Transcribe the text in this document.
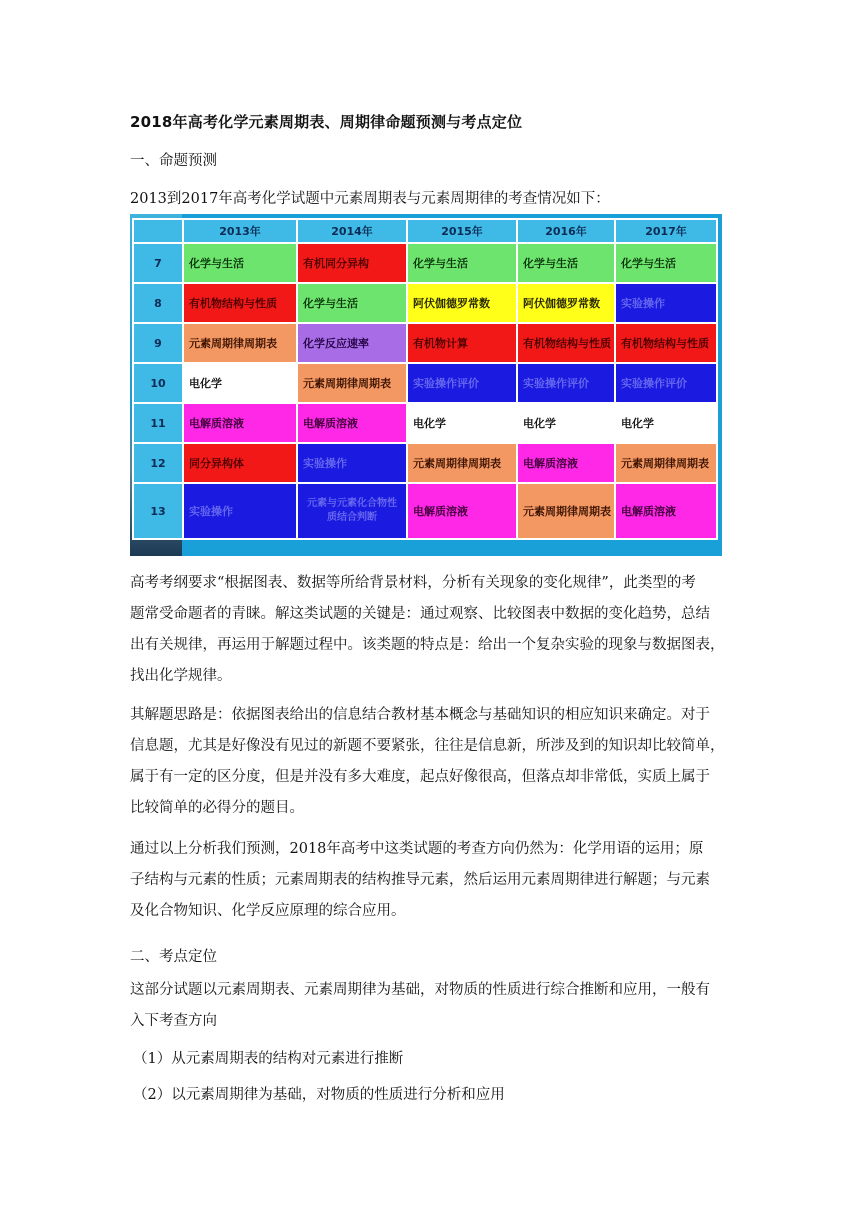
2018年高考化学元素周期表、周期律命题预测与考点定位
一、命题预测
2013到2017年高考化学试题中元素周期表与元素周期律的考查情况如下：
	2013年	2014年	2015年	2016年	2017年
7	化学与生活	有机同分异构	化学与生活	化学与生活	化学与生活
8	有机物结构与性质	化学与生活	阿伏伽德罗常数	阿伏伽德罗常数	实验操作
9	元素周期律周期表	化学反应速率	有机物计算	有机物结构与性质	有机物结构与性质
10	电化学	元素周期律周期表	实验操作评价	实验操作评价	实验操作评价
11	电解质溶液	电解质溶液	电化学	电化学	电化学
12	同分异构体	实验操作	元素周期律周期表	电解质溶液	元素周期律周期表
13	实验操作	元素与元素化合物性质结合判断	电解质溶液	元素周期律周期表	电解质溶液
高考考纲要求“根据图表、数据等所给背景材料，分析有关现象的变化规律”，此类型的考
题常受命题者的青睐。解这类试题的关键是：通过观察、比较图表中数据的变化趋势，总结
出有关规律，再运用于解题过程中。该类题的特点是：给出一个复杂实验的现象与数据图表，
找出化学规律。
其解题思路是：依据图表给出的信息结合教材基本概念与基础知识的相应知识来确定。对于
信息题，尤其是好像没有见过的新题不要紧张，往往是信息新，所涉及到的知识却比较简单，
属于有一定的区分度，但是并没有多大难度，起点好像很高，但落点却非常低，实质上属于
比较简单的必得分的题目。
通过以上分析我们预测，2018年高考中这类试题的考查方向仍然为：化学用语的运用；原
子结构与元素的性质；元素周期表的结构推导元素，然后运用元素周期律进行解题；与元素
及化合物知识、化学反应原理的综合应用。
二、考点定位
这部分试题以元素周期表、元素周期律为基础，对物质的性质进行综合推断和应用，一般有
入下考查方向
（1）从元素周期表的结构对元素进行推断
（2）以元素周期律为基础，对物质的性质进行分析和应用
